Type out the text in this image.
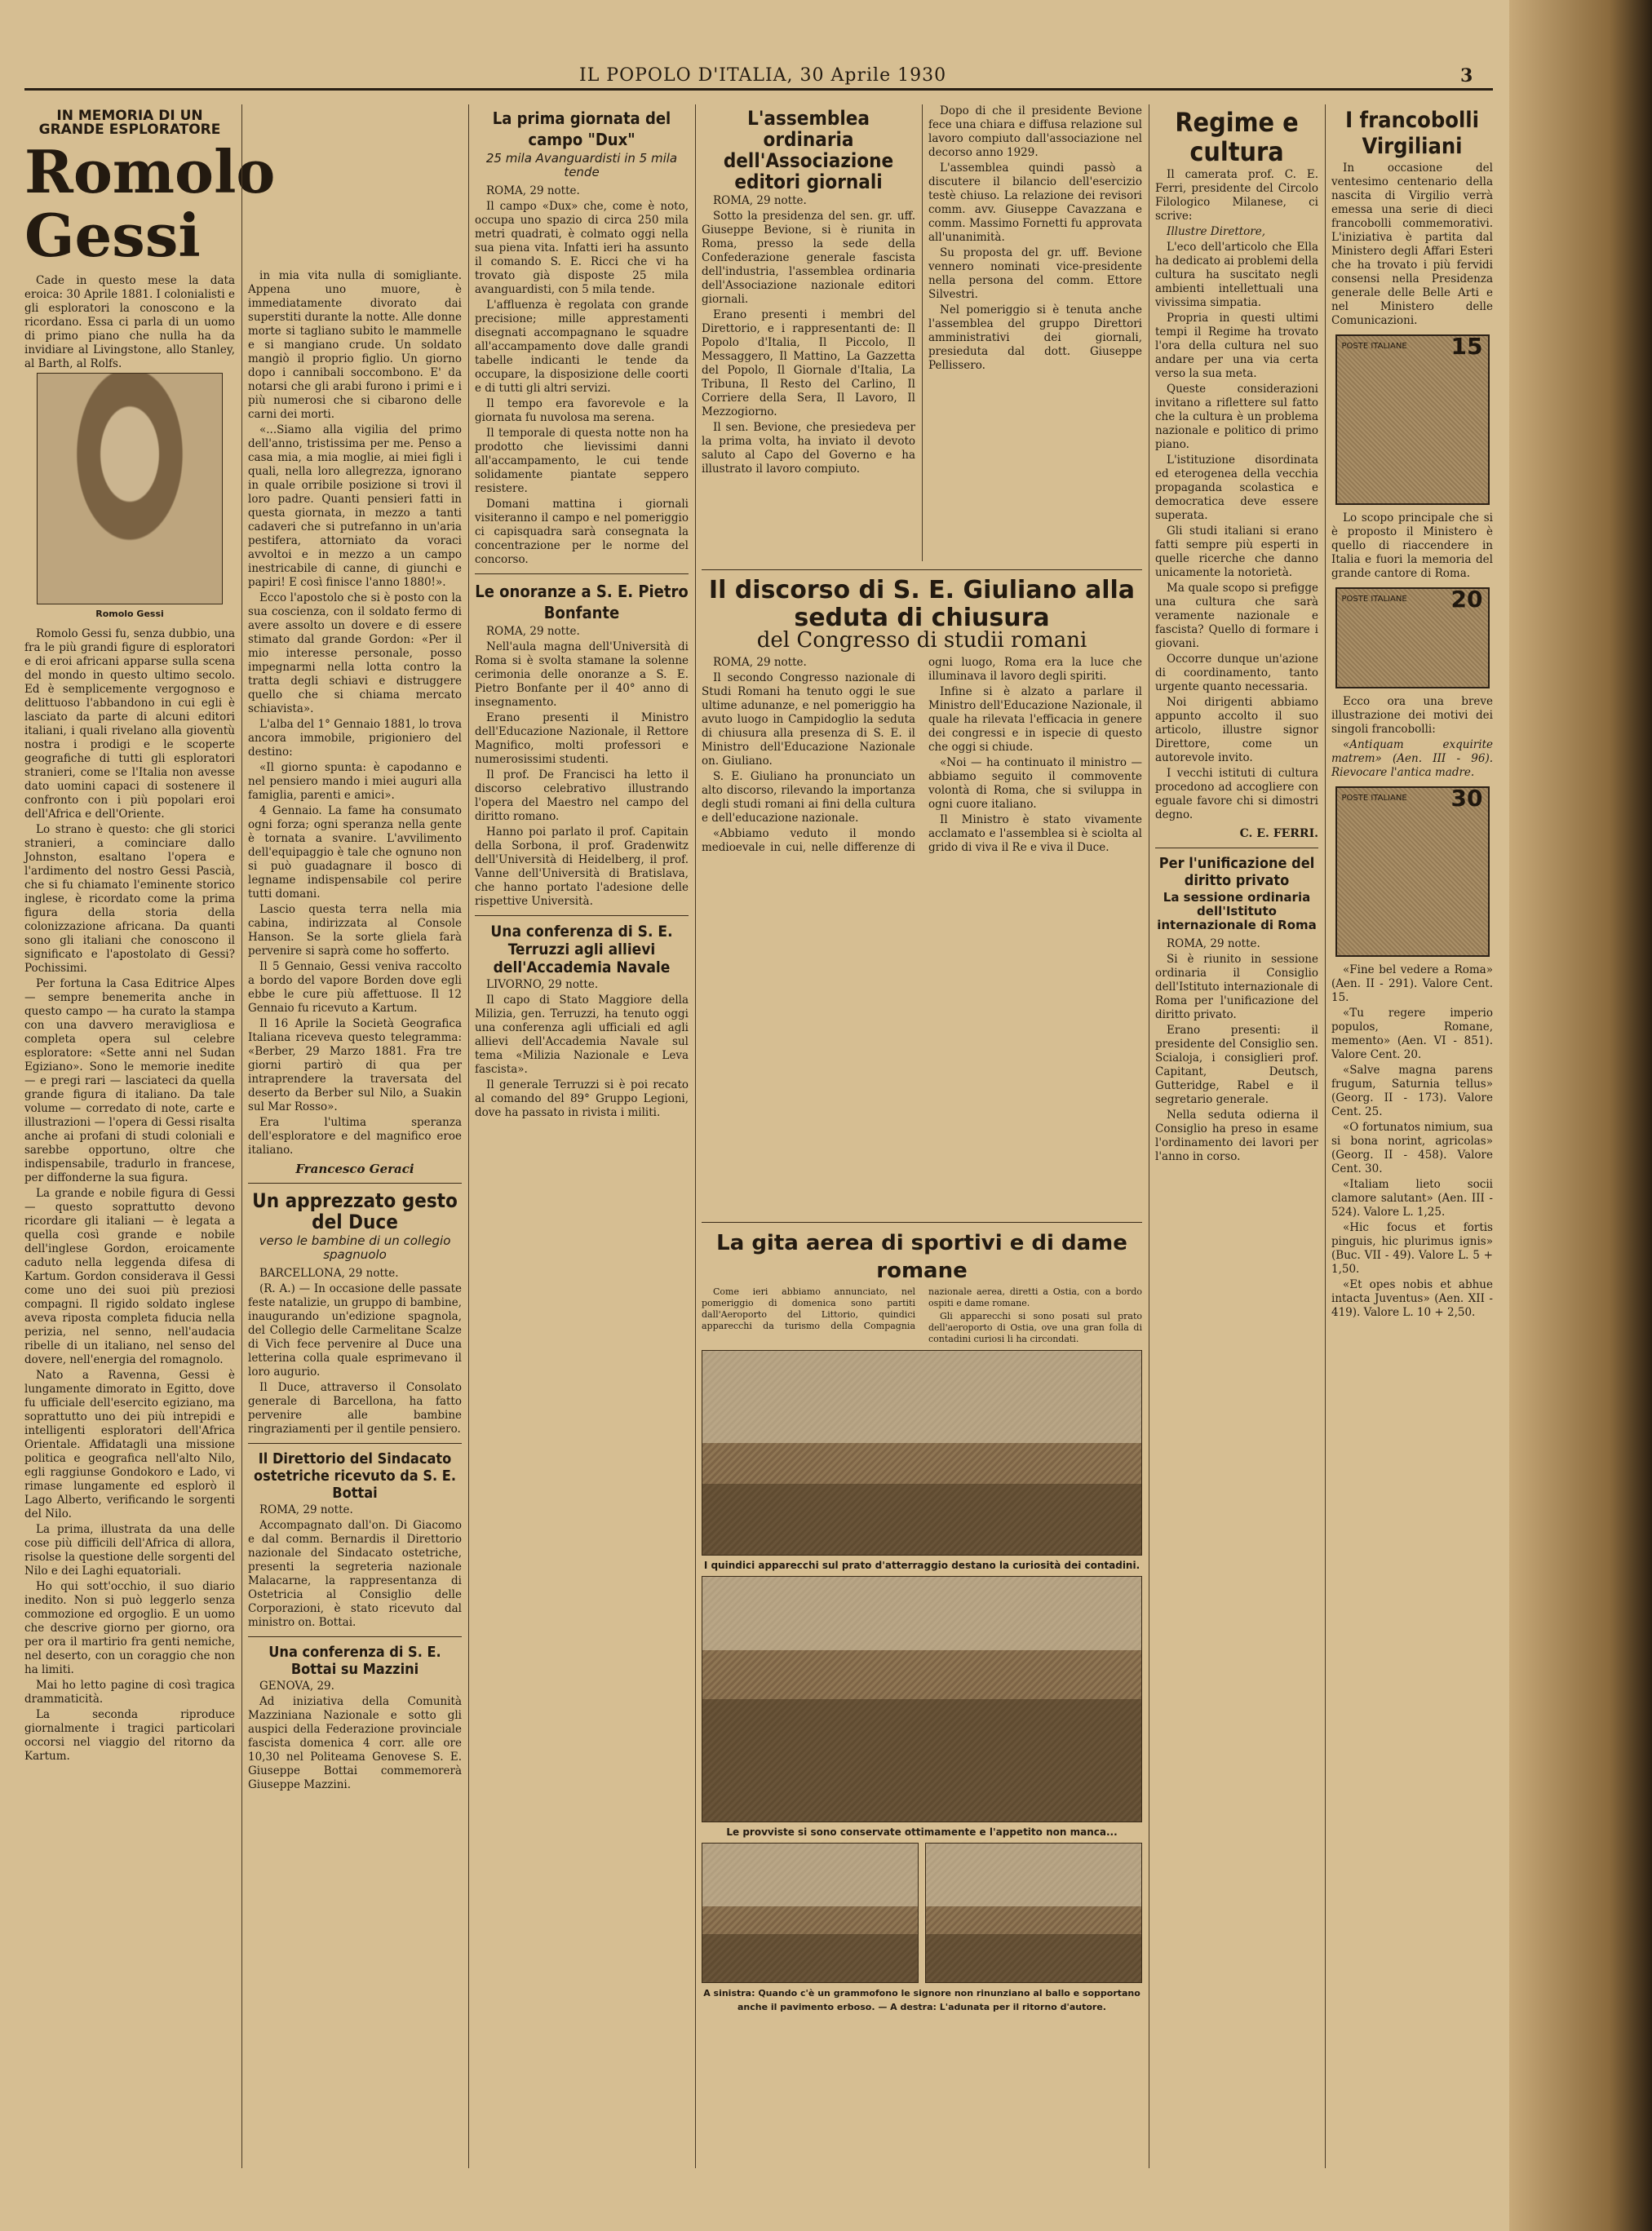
IL POPOLO D'ITALIA, 30 Aprile 1930	3
IN MEMORIA DI UN GRANDE ESPLORATORE
Romolo Gessi

Cade in questo mese la data eroica: 30 Aprile 1881. I colonialisti e gli esploratori la conoscono e la ricordano. Essa ci parla di un uomo di primo piano che nulla ha da invidiare al Livingstone, allo Stanley, al Barth, al Rolfs.

Romolo Gessi

Romolo Gessi fu, senza dubbio, una fra le più grandi figure di esploratori e di eroi africani apparse sulla scena del mondo in questo ultimo secolo. Ed è semplicemente vergognoso e delittuoso l'abbandono in cui egli è lasciato da parte di alcuni editori italiani, i quali rivelano alla gioventù nostra i prodigi e le scoperte geografiche di tutti gli esploratori stranieri, come se l'Italia non avesse dato uomini capaci di sostenere il confronto con i più popolari eroi dell'Africa e dell'Oriente.

Lo strano è questo: che gli storici stranieri, a cominciare dallo Johnston, esaltano l'opera e l'ardimento del nostro Gessi Pascià, che si fu chiamato l'eminente storico inglese, è ricordato come la prima figura della storia della colonizzazione africana. Da quanti sono gli italiani che conoscono il significato e l'apostolato di Gessi? Pochissimi.

Per fortuna la Casa Editrice Alpes — sempre benemerita anche in questo campo — ha curato la stampa con una davvero meravigliosa e completa opera sul celebre esploratore: «Sette anni nel Sudan Egiziano». Sono le memorie inedite — e pregi rari — lasciateci da quella grande figura di italiano. Da tale volume — corredato di note, carte e illustrazioni — l'opera di Gessi risalta anche ai profani di studi coloniali e sarebbe opportuno, oltre che indispensabile, tradurlo in francese, per diffonderne la sua figura.

La grande e nobile figura di Gessi — questo soprattutto devono ricordare gli italiani — è legata a quella così grande e nobile dell'inglese Gordon, eroicamente caduto nella leggenda difesa di Kartum. Gordon considerava il Gessi come uno dei suoi più preziosi compagni. Il rigido soldato inglese aveva riposta completa fiducia nella perizia, nel senno, nell'audacia ribelle di un italiano, nel senso del dovere, nell'energia del romagnolo.

Nato a Ravenna, Gessi è lungamente dimorato in Egitto, dove fu ufficiale dell'esercito egiziano, ma soprattutto uno dei più intrepidi e intelligenti esploratori dell'Africa Orientale. Affidatagli una missione politica e geografica nell'alto Nilo, egli raggiunse Gondokoro e Lado, vi rimase lungamente ed esplorò il Lago Alberto, verificando le sorgenti del Nilo.

La prima, illustrata da una delle cose più difficili dell'Africa di allora, risolse la questione delle sorgenti del Nilo e dei Laghi equatoriali.

Ho qui sott'occhio, il suo diario inedito. Non si può leggerlo senza commozione ed orgoglio. E un uomo che descrive giorno per giorno, ora per ora il martirio fra genti nemiche, nel deserto, con un coraggio che non ha limiti.

Mai ho letto pagine di così tragica drammaticità.

La seconda riproduce giornalmente i tragici particolari occorsi nel viaggio del ritorno da Kartum.

in mia vita nulla di somigliante. Appena uno muore, è immediatamente divorato dai superstiti durante la notte. Alle donne morte si tagliano subito le mammelle e si mangiano crude. Un soldato mangiò il proprio figlio. Un giorno dopo i cannibali soccombono. E' da notarsi che gli arabi furono i primi e i più numerosi che si cibarono delle carni dei morti.

«...Siamo alla vigilia del primo dell'anno, tristissima per me. Penso a casa mia, a mia moglie, ai miei figli i quali, nella loro allegrezza, ignorano in quale orribile posizione si trovi il loro padre. Quanti pensieri fatti in questa giornata, in mezzo a tanti cadaveri che si putrefanno in un'aria pestifera, attorniato da voraci avvoltoi e in mezzo a un campo inestricabile di canne, di giunchi e papiri! E così finisce l'anno 1880!».

Ecco l'apostolo che si è posto con la sua coscienza, con il soldato fermo di avere assolto un dovere e di essere stimato dal grande Gordon: «Per il mio interesse personale, posso impegnarmi nella lotta contro la tratta degli schiavi e distruggere quello che si chiama mercato schiavista».

L'alba del 1° Gennaio 1881, lo trova ancora immobile, prigioniero del destino:

«Il giorno spunta: è capodanno e nel pensiero mando i miei auguri alla famiglia, parenti e amici».

4 Gennaio. La fame ha consumato ogni forza; ogni speranza nella gente è tornata a svanire. L'avvilimento dell'equipaggio è tale che ognuno non si può guadagnare il bosco di legname indispensabile col perire tutti domani.

Lascio questa terra nella mia cabina, indirizzata al Console Hanson. Se la sorte gliela farà pervenire si saprà come ho sofferto.

Il 5 Gennaio, Gessi veniva raccolto a bordo del vapore Borden dove egli ebbe le cure più affettuose. Il 12 Gennaio fu ricevuto a Kartum.

Il 16 Aprile la Società Geografica Italiana riceveva questo telegramma: «Berber, 29 Marzo 1881. Fra tre giorni partirò di qua per intraprendere la traversata del deserto da Berber sul Nilo, a Suakin sul Mar Rosso».

Era l'ultima speranza dell'esploratore e del magnifico eroe italiano.

Francesco Geraci
Un apprezzato gesto del Duce
verso le bambine di un collegio spagnuolo

BARCELLONA, 29 notte.

(R. A.) — In occasione delle passate feste natalizie, un gruppo di bambine, inaugurando un'edizione spagnola, del Collegio delle Carmelitane Scalze di Vich fece pervenire al Duce una letterina colla quale esprimevano il loro augurio.

Il Duce, attraverso il Consolato generale di Barcellona, ha fatto pervenire alle bambine ringraziamenti per il gentile pensiero.

Il Direttorio del Sindacato ostetriche ricevuto da S. E. Bottai

ROMA, 29 notte.

Accompagnato dall'on. Di Giacomo e dal comm. Bernardis il Direttorio nazionale del Sindacato ostetriche, presenti la segreteria nazionale Malacarne, la rappresentanza di Ostetricia al Consiglio delle Corporazioni, è stato ricevuto dal ministro on. Bottai.

Una conferenza di S. E. Bottai su Mazzini

GENOVA, 29.

Ad iniziativa della Comunità Mazziniana Nazionale e sotto gli auspici della Federazione provinciale fascista domenica 4 corr. alle ore 10,30 nel Politeama Genovese S. E. Giuseppe Bottai commemorerà Giuseppe Mazzini.

La prima giornata del campo "Dux"
25 mila Avanguardisti in 5 mila tende

ROMA, 29 notte.

Il campo «Dux» che, come è noto, occupa uno spazio di circa 250 mila metri quadrati, è colmato oggi nella sua piena vita. Infatti ieri ha assunto il comando S. E. Ricci che vi ha trovato già disposte 25 mila avanguardisti, con 5 mila tende.

L'affluenza è regolata con grande precisione; mille apprestamenti disegnati accompagnano le squadre all'accampamento dove dalle grandi tabelle indicanti le tende da occupare, la disposizione delle coorti e di tutti gli altri servizi.

Il tempo era favorevole e la giornata fu nuvolosa ma serena.

Il temporale di questa notte non ha prodotto che lievissimi danni all'accampamento, le cui tende solidamente piantate seppero resistere.

Domani mattina i giornali visiteranno il campo e nel pomeriggio ci capisquadra sarà consegnata la concentrazione per le norme del concorso.

Le onoranze a S. E. Pietro Bonfante

ROMA, 29 notte.

Nell'aula magna dell'Università di Roma si è svolta stamane la solenne cerimonia delle onoranze a S. E. Pietro Bonfante per il 40° anno di insegnamento.

Erano presenti il Ministro dell'Educazione Nazionale, il Rettore Magnifico, molti professori e numerosissimi studenti.

Il prof. De Francisci ha letto il discorso celebrativo illustrando l'opera del Maestro nel campo del diritto romano.

Hanno poi parlato il prof. Capitain della Sorbona, il prof. Gradenwitz dell'Università di Heidelberg, il prof. Vanne dell'Università di Bratislava, che hanno portato l'adesione delle rispettive Università.

Una conferenza di S. E. Terruzzi agli allievi dell'Accademia Navale

LIVORNO, 29 notte.

Il capo di Stato Maggiore della Milizia, gen. Terruzzi, ha tenuto oggi una conferenza agli ufficiali ed agli allievi dell'Accademia Navale sul tema «Milizia Nazionale e Leva fascista».

Il generale Terruzzi si è poi recato al comando del 89° Gruppo Legioni, dove ha passato in rivista i militi.

L'assemblea ordinaria dell'Associazione editori giornali

ROMA, 29 notte.

Sotto la presidenza del sen. gr. uff. Giuseppe Bevione, si è riunita in Roma, presso la sede della Confederazione generale fascista dell'industria, l'assemblea ordinaria dell'Associazione nazionale editori giornali.

Erano presenti i membri del Direttorio, e i rappresentanti de: Il Popolo d'Italia, Il Piccolo, Il Messaggero, Il Mattino, La Gazzetta del Popolo, Il Giornale d'Italia, La Tribuna, Il Resto del Carlino, Il Corriere della Sera, Il Lavoro, Il Mezzogiorno.

Il sen. Bevione, che presiedeva per la prima volta, ha inviato il devoto saluto al Capo del Governo e ha illustrato il lavoro compiuto.

Dopo di che il presidente Bevione fece una chiara e diffusa relazione sul lavoro compiuto dall'associazione nel decorso anno 1929.

L'assemblea quindi passò a discutere il bilancio dell'esercizio testè chiuso. La relazione dei revisori comm. avv. Giuseppe Cavazzana e comm. Massimo Fornetti fu approvata all'unanimità.

Su proposta del gr. uff. Bevione vennero nominati vice-presidente nella persona del comm. Ettore Silvestri.

Nel pomeriggio si è tenuta anche l'assemblea del gruppo Direttori amministrativi dei giornali, presieduta dal dott. Giuseppe Pellissero.

Il discorso di S. E. Giuliano alla seduta di chiusura
del Congresso di studii romani

ROMA, 29 notte.

Il secondo Congresso nazionale di Studi Romani ha tenuto oggi le sue ultime adunanze, e nel pomeriggio ha avuto luogo in Campidoglio la seduta di chiusura alla presenza di S. E. il Ministro dell'Educazione Nazionale on. Giuliano.

S. E. Giuliano ha pronunciato un alto discorso, rilevando la importanza degli studi romani ai fini della cultura e dell'educazione nazionale.

«Abbiamo veduto il mondo medioevale in cui, nelle differenze di ogni luogo, Roma era la luce che illuminava il lavoro degli spiriti.

Infine si è alzato a parlare il Ministro dell'Educazione Nazionale, il quale ha rilevata l'efficacia in genere dei congressi e in ispecie di questo che oggi si chiude.

«Noi — ha continuato il ministro — abbiamo seguito il commovente volontà di Roma, che si sviluppa in ogni cuore italiano.

Il Ministro è stato vivamente acclamato e l'assemblea si è sciolta al grido di viva il Re e viva il Duce.

La gita aerea di sportivi e di dame romane

Come ieri abbiamo annunciato, nel pomeriggio di domenica sono partiti dall'Aeroporto del Littorio, quindici apparecchi da turismo della Compagnia nazionale aerea, diretti a Ostia, con a bordo ospiti e dame romane.

Gli apparecchi si sono posati sul prato dell'aeroporto di Ostia, ove una gran folla di contadini curiosi li ha circondati.

I quindici apparecchi sul prato d'atterraggio destano la curiosità dei contadini.
Le provviste si sono conservate ottimamente e l'appetito non manca...
A sinistra: Quando c'è un grammofono le signore non rinunziano al ballo e sopportano anche il pavimento erboso. — A destra: L'adunata per il ritorno d'autore.
Regime e cultura

Il camerata prof. C. E. Ferri, presidente del Circolo Filologico Milanese, ci scrive:

Illustre Direttore,

L'eco dell'articolo che Ella ha dedicato ai problemi della cultura ha suscitato negli ambienti intellettuali una vivissima simpatia.

Propria in questi ultimi tempi il Regime ha trovato l'ora della cultura nel suo andare per una via certa verso la sua meta.

Queste considerazioni invitano a riflettere sul fatto che la cultura è un problema nazionale e politico di primo piano.

L'istituzione disordinata ed eterogenea della vecchia propaganda scolastica e democratica deve essere superata.

Gli studi italiani si erano fatti sempre più esperti in quelle ricerche che danno unicamente la notorietà.

Ma quale scopo si prefigge una cultura che sarà veramente nazionale e fascista? Quello di formare i giovani.

Occorre dunque un'azione di coordinamento, tanto urgente quanto necessaria.

Noi dirigenti abbiamo appunto accolto il suo articolo, illustre signor Direttore, come un autorevole invito.

I vecchi istituti di cultura procedono ad accogliere con eguale favore chi si dimostri degno.

C. E. FERRI.
Per l'unificazione del diritto privato
La sessione ordinaria dell'Istituto internazionale di Roma

ROMA, 29 notte.

Si è riunito in sessione ordinaria il Consiglio dell'Istituto internazionale di Roma per l'unificazione del diritto privato.

Erano presenti: il presidente del Consiglio sen. Scialoja, i consiglieri prof. Capitant, Deutsch, Gutteridge, Rabel e il segretario generale.

Nella seduta odierna il Consiglio ha preso in esame l'ordinamento dei lavori per l'anno in corso.

I francobolli Virgiliani

In occasione del ventesimo centenario della nascita di Virgilio verrà emessa una serie di dieci francobolli commemorativi. L'iniziativa è partita dal Ministero degli Affari Esteri che ha trovato i più fervidi consensi nella Presidenza generale delle Belle Arti e nel Ministero delle Comunicazioni.

POSTE ITALIANE 15

Lo scopo principale che si è proposto il Ministero è quello di riaccendere in Italia e fuori la memoria del grande cantore di Roma.

POSTE ITALIANE 20

Ecco ora una breve illustrazione dei motivi dei singoli francobolli:

«Antiquam exquirite matrem» (Aen. III - 96). Rievocare l'antica madre.

POSTE ITALIANE 30

«Fine bel vedere a Roma» (Aen. II - 291). Valore Cent. 15.

«Tu regere imperio populos, Romane, memento» (Aen. VI - 851). Valore Cent. 20.

«Salve magna parens frugum, Saturnia tellus» (Georg. II - 173). Valore Cent. 25.

«O fortunatos nimium, sua si bona norint, agricolas» (Georg. II - 458). Valore Cent. 30.

«Italiam lieto socii clamore salutant» (Aen. III - 524). Valore L. 1,25.

«Hic focus et fortis pinguis, hic plurimus ignis» (Buc. VII - 49). Valore L. 5 + 1,50.

«Et opes nobis et abhue intacta Juventus» (Aen. XII - 419). Valore L. 10 + 2,50.
